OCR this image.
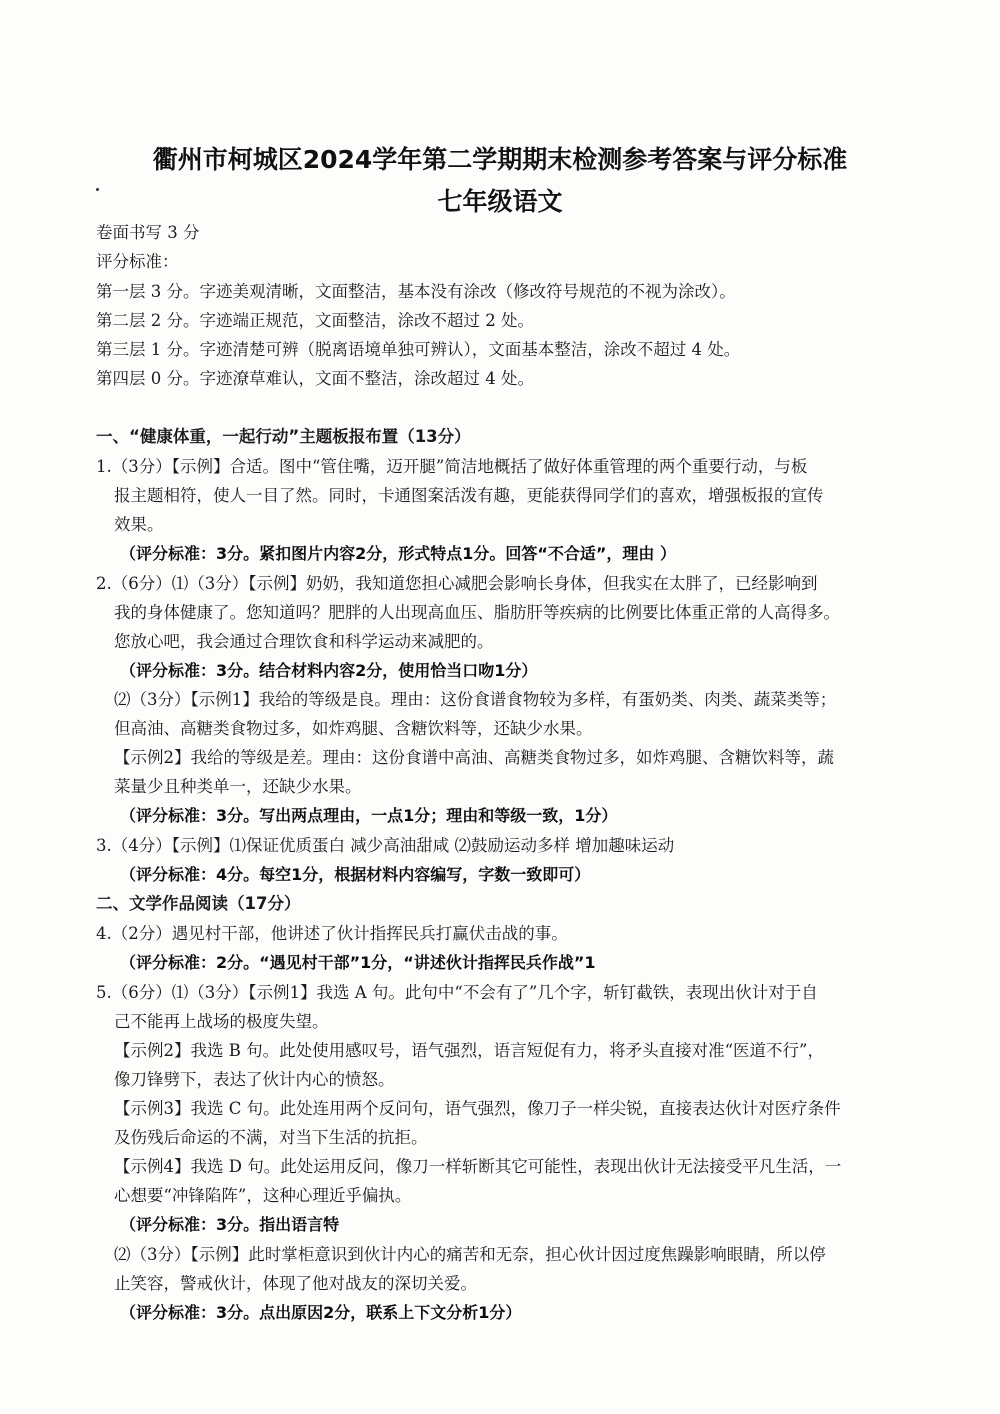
衢州市柯城区2024学年第二学期期末检测参考答案与评分标准
七年级语文
卷面书写 3 分
评分标准：
第一层 3 分。字迹美观清晰，文面整洁，基本没有涂改（修改符号规范的不视为涂改）。
第二层 2 分。字迹端正规范，文面整洁，涂改不超过 2 处。
第三层 1 分。字迹清楚可辨（脱离语境单独可辨认），文面基本整洁，涂改不超过 4 处。
第四层 0 分。字迹潦草难认，文面不整洁，涂改超过 4 处。
一、“健康体重，一起行动”主题板报布置（13分）
1.（3分）【示例】合适。图中“管住嘴，迈开腿”简洁地概括了做好体重管理的两个重要行动，与板
报主题相符，使人一目了然。同时，卡通图案活泼有趣，更能获得同学们的喜欢，增强板报的宣传
效果。
（评分标准：3分。紧扣图片内容2分，形式特点1分。回答“不合适”，理由 ）
2.（6分）⑴（3分）【示例】奶奶，我知道您担心减肥会影响长身体，但我实在太胖了，已经影响到
我的身体健康了。您知道吗？肥胖的人出现高血压、脂肪肝等疾病的比例要比体重正常的人高得多。
您放心吧，我会通过合理饮食和科学运动来减肥的。
（评分标准：3分。结合材料内容2分，使用恰当口吻1分）
⑵（3分）【示例1】我给的等级是良。理由：这份食谱食物较为多样，有蛋奶类、肉类、蔬菜类等；
但高油、高糖类食物过多，如炸鸡腿、含糖饮料等，还缺少水果。
【示例2】我给的等级是差。理由：这份食谱中高油、高糖类食物过多，如炸鸡腿、含糖饮料等，蔬
菜量少且种类单一，还缺少水果。
（评分标准：3分。写出两点理由，一点1分；理由和等级一致，1分）
3.（4分）【示例】⑴保证优质蛋白 减少高油甜咸 ⑵鼓励运动多样 增加趣味运动
（评分标准：4分。每空1分，根据材料内容编写，字数一致即可）
二、文学作品阅读（17分）
4.（2分）遇见村干部，他讲述了伙计指挥民兵打赢伏击战的事。
（评分标准：2分。“遇见村干部”1分，“讲述伙计指挥民兵作战”1
5.（6分）⑴（3分）【示例1】我选 A 句。此句中“不会有了”几个字，斩钉截铁，表现出伙计对于自
己不能再上战场的极度失望。
【示例2】我选 B 句。此处使用感叹号，语气强烈，语言短促有力，将矛头直接对准“医道不行”，
像刀锋劈下，表达了伙计内心的愤怒。
【示例3】我选 C 句。此处连用两个反问句，语气强烈，像刀子一样尖锐，直接表达伙计对医疗条件
及伤残后命运的不满，对当下生活的抗拒。
【示例4】我选 D 句。此处运用反问，像刀一样斩断其它可能性，表现出伙计无法接受平凡生活，一
心想要“冲锋陷阵”，这种心理近乎偏执。
（评分标准：3分。指出语言特
⑵（3分）【示例】此时掌柜意识到伙计内心的痛苦和无奈，担心伙计因过度焦躁影响眼睛，所以停
止笑容，警戒伙计，体现了他对战友的深切关爱。
（评分标准：3分。点出原因2分，联系上下文分析1分）
